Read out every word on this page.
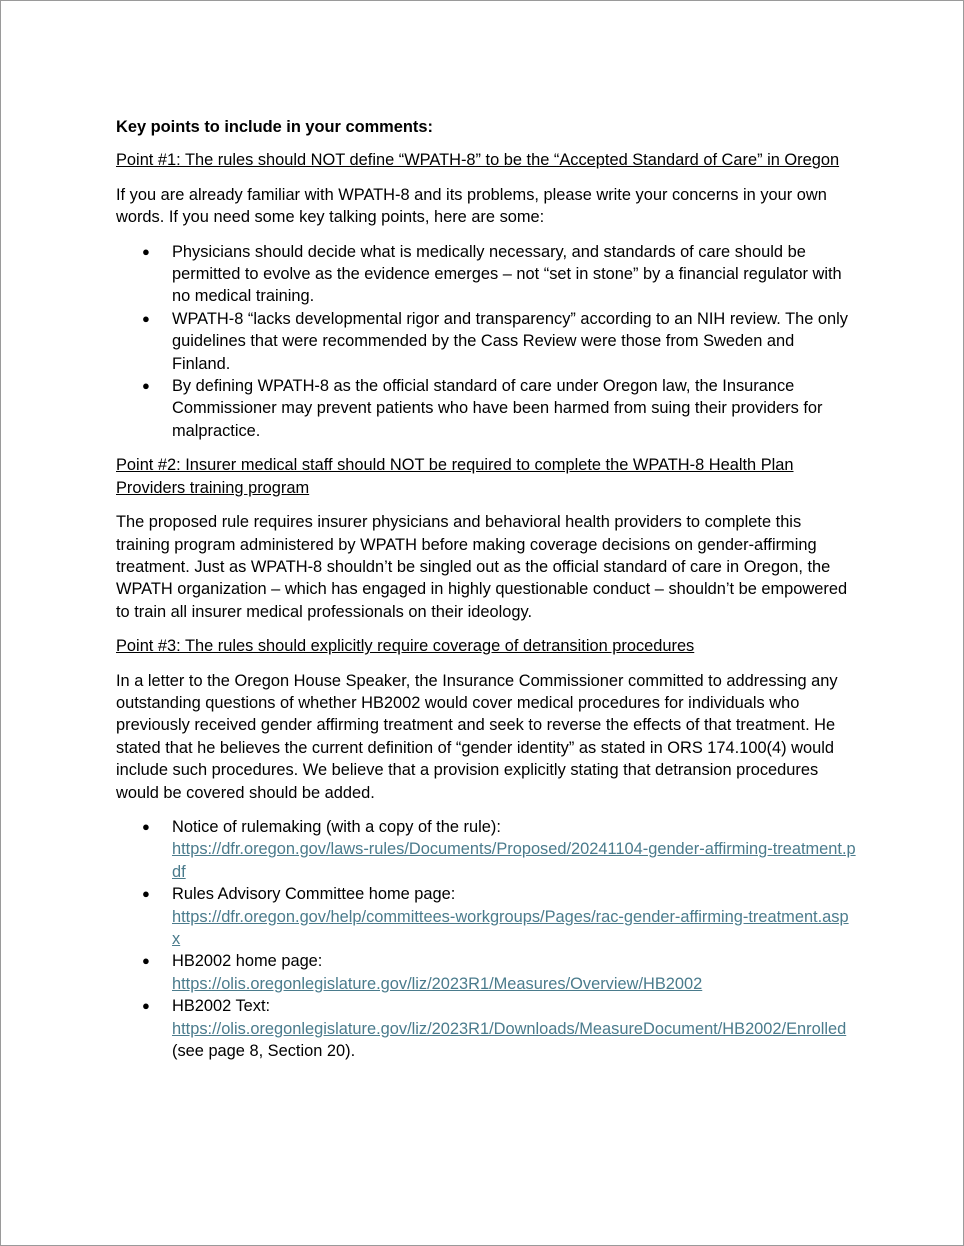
Key points to include in your comments:
Point #1: The rules should NOT define “WPATH-8” to be the “Accepted Standard of Care” in Oregon

If you are already familiar with WPATH-8 and its problems, please write your concerns in your own words. If you need some key talking points, here are some:

● Physicians should decide what is medically necessary, and standards of care should be permitted to evolve as the evidence emerges – not “set in stone” by a financial regulator with no medical training.
● WPATH-8 “lacks developmental rigor and transparency” according to an NIH review. The only guidelines that were recommended by the Cass Review were those from Sweden and Finland.
● By defining WPATH-8 as the official standard of care under Oregon law, the Insurance Commissioner may prevent patients who have been harmed from suing their providers for malpractice.
Point #2: Insurer medical staff should NOT be required to complete the WPATH-8 Health Plan Providers training program

The proposed rule requires insurer physicians and behavioral health providers to complete this training program administered by WPATH before making coverage decisions on gender-affirming treatment. Just as WPATH-8 shouldn’t be singled out as the official standard of care in Oregon, the WPATH organization – which has engaged in highly questionable conduct – shouldn’t be empowered to train all insurer medical professionals on their ideology.

Point #3: The rules should explicitly require coverage of detransition procedures

In a letter to the Oregon House Speaker, the Insurance Commissioner committed to addressing any outstanding questions of whether HB2002 would cover medical procedures for individuals who previously received gender affirming treatment and seek to reverse the effects of that treatment. He stated that he believes the current definition of “gender identity” as stated in ORS 174.100(4) would include such procedures. We believe that a provision explicitly stating that detransion procedures would be covered should be added.

● Notice of rulemaking (with a copy of the rule):
https://dfr.oregon.gov/laws-rules/Documents/Proposed/20241104-gender-affirming-treatment.pdf
● Rules Advisory Committee home page:
https://dfr.oregon.gov/help/committees-workgroups/Pages/rac-gender-affirming-treatment.aspx
● HB2002 home page:
https://olis.oregonlegislature.gov/liz/2023R1/Measures/Overview/HB2002
● HB2002 Text:
https://olis.oregonlegislature.gov/liz/2023R1/Downloads/MeasureDocument/HB2002/Enrolled (see page 8, Section 20).
